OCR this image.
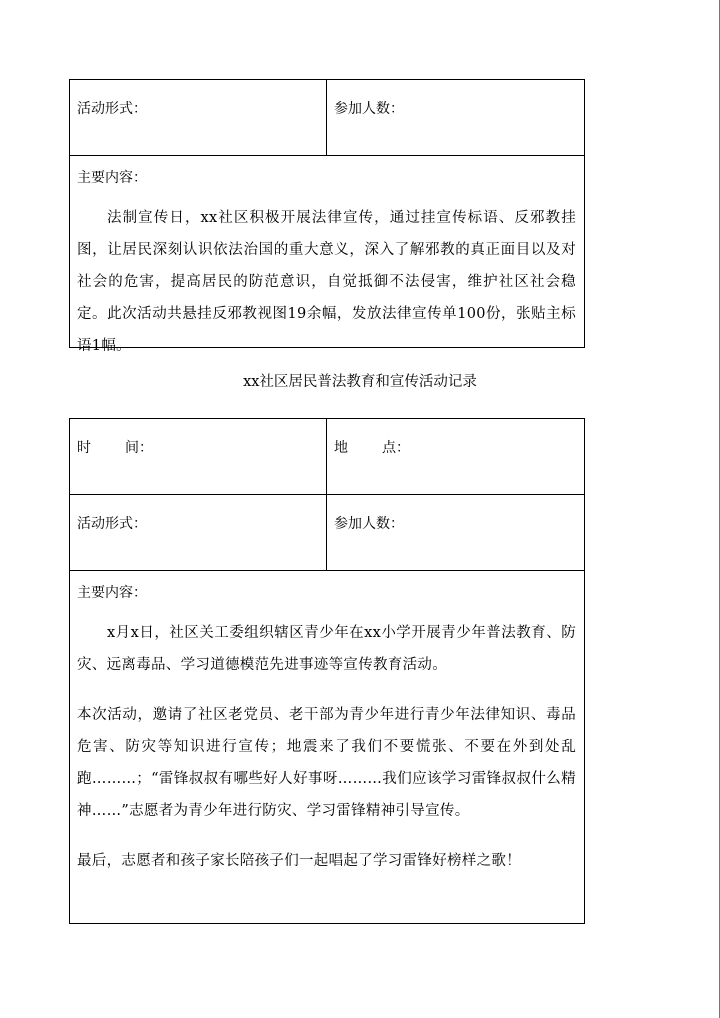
活动形式：	参加人数：
主要内容：
法制宣传日，xx社区积极开展法律宣传，通过挂宣传标语、反邪教挂图，让居民深刻认识依法治国的重大意义，深入了解邪教的真正面目以及对社会的危害，提高居民的防范意识，自觉抵御不法侵害，维护社区社会稳定。此次活动共悬挂反邪教视图19余幅，发放法律宣传单100份，张贴主标语1幅。
xx社区居民普法教育和宣传活动记录
时 间：	地 点：
活动形式：	参加人数：
主要内容：
x月x日，社区关工委组织辖区青少年在xx小学开展青少年普法教育、防灾、远离毒品、学习道德模范先进事迹等宣传教育活动。
本次活动，邀请了社区老党员、老干部为青少年进行青少年法律知识、毒品危害、防灾等知识进行宣传；地震来了我们不要慌张、不要在外到处乱跑………；“雷锋叔叔有哪些好人好事呀………我们应该学习雷锋叔叔什么精神……”志愿者为青少年进行防灾、学习雷锋精神引导宣传。
最后，志愿者和孩子家长陪孩子们一起唱起了学习雷锋好榜样之歌！
